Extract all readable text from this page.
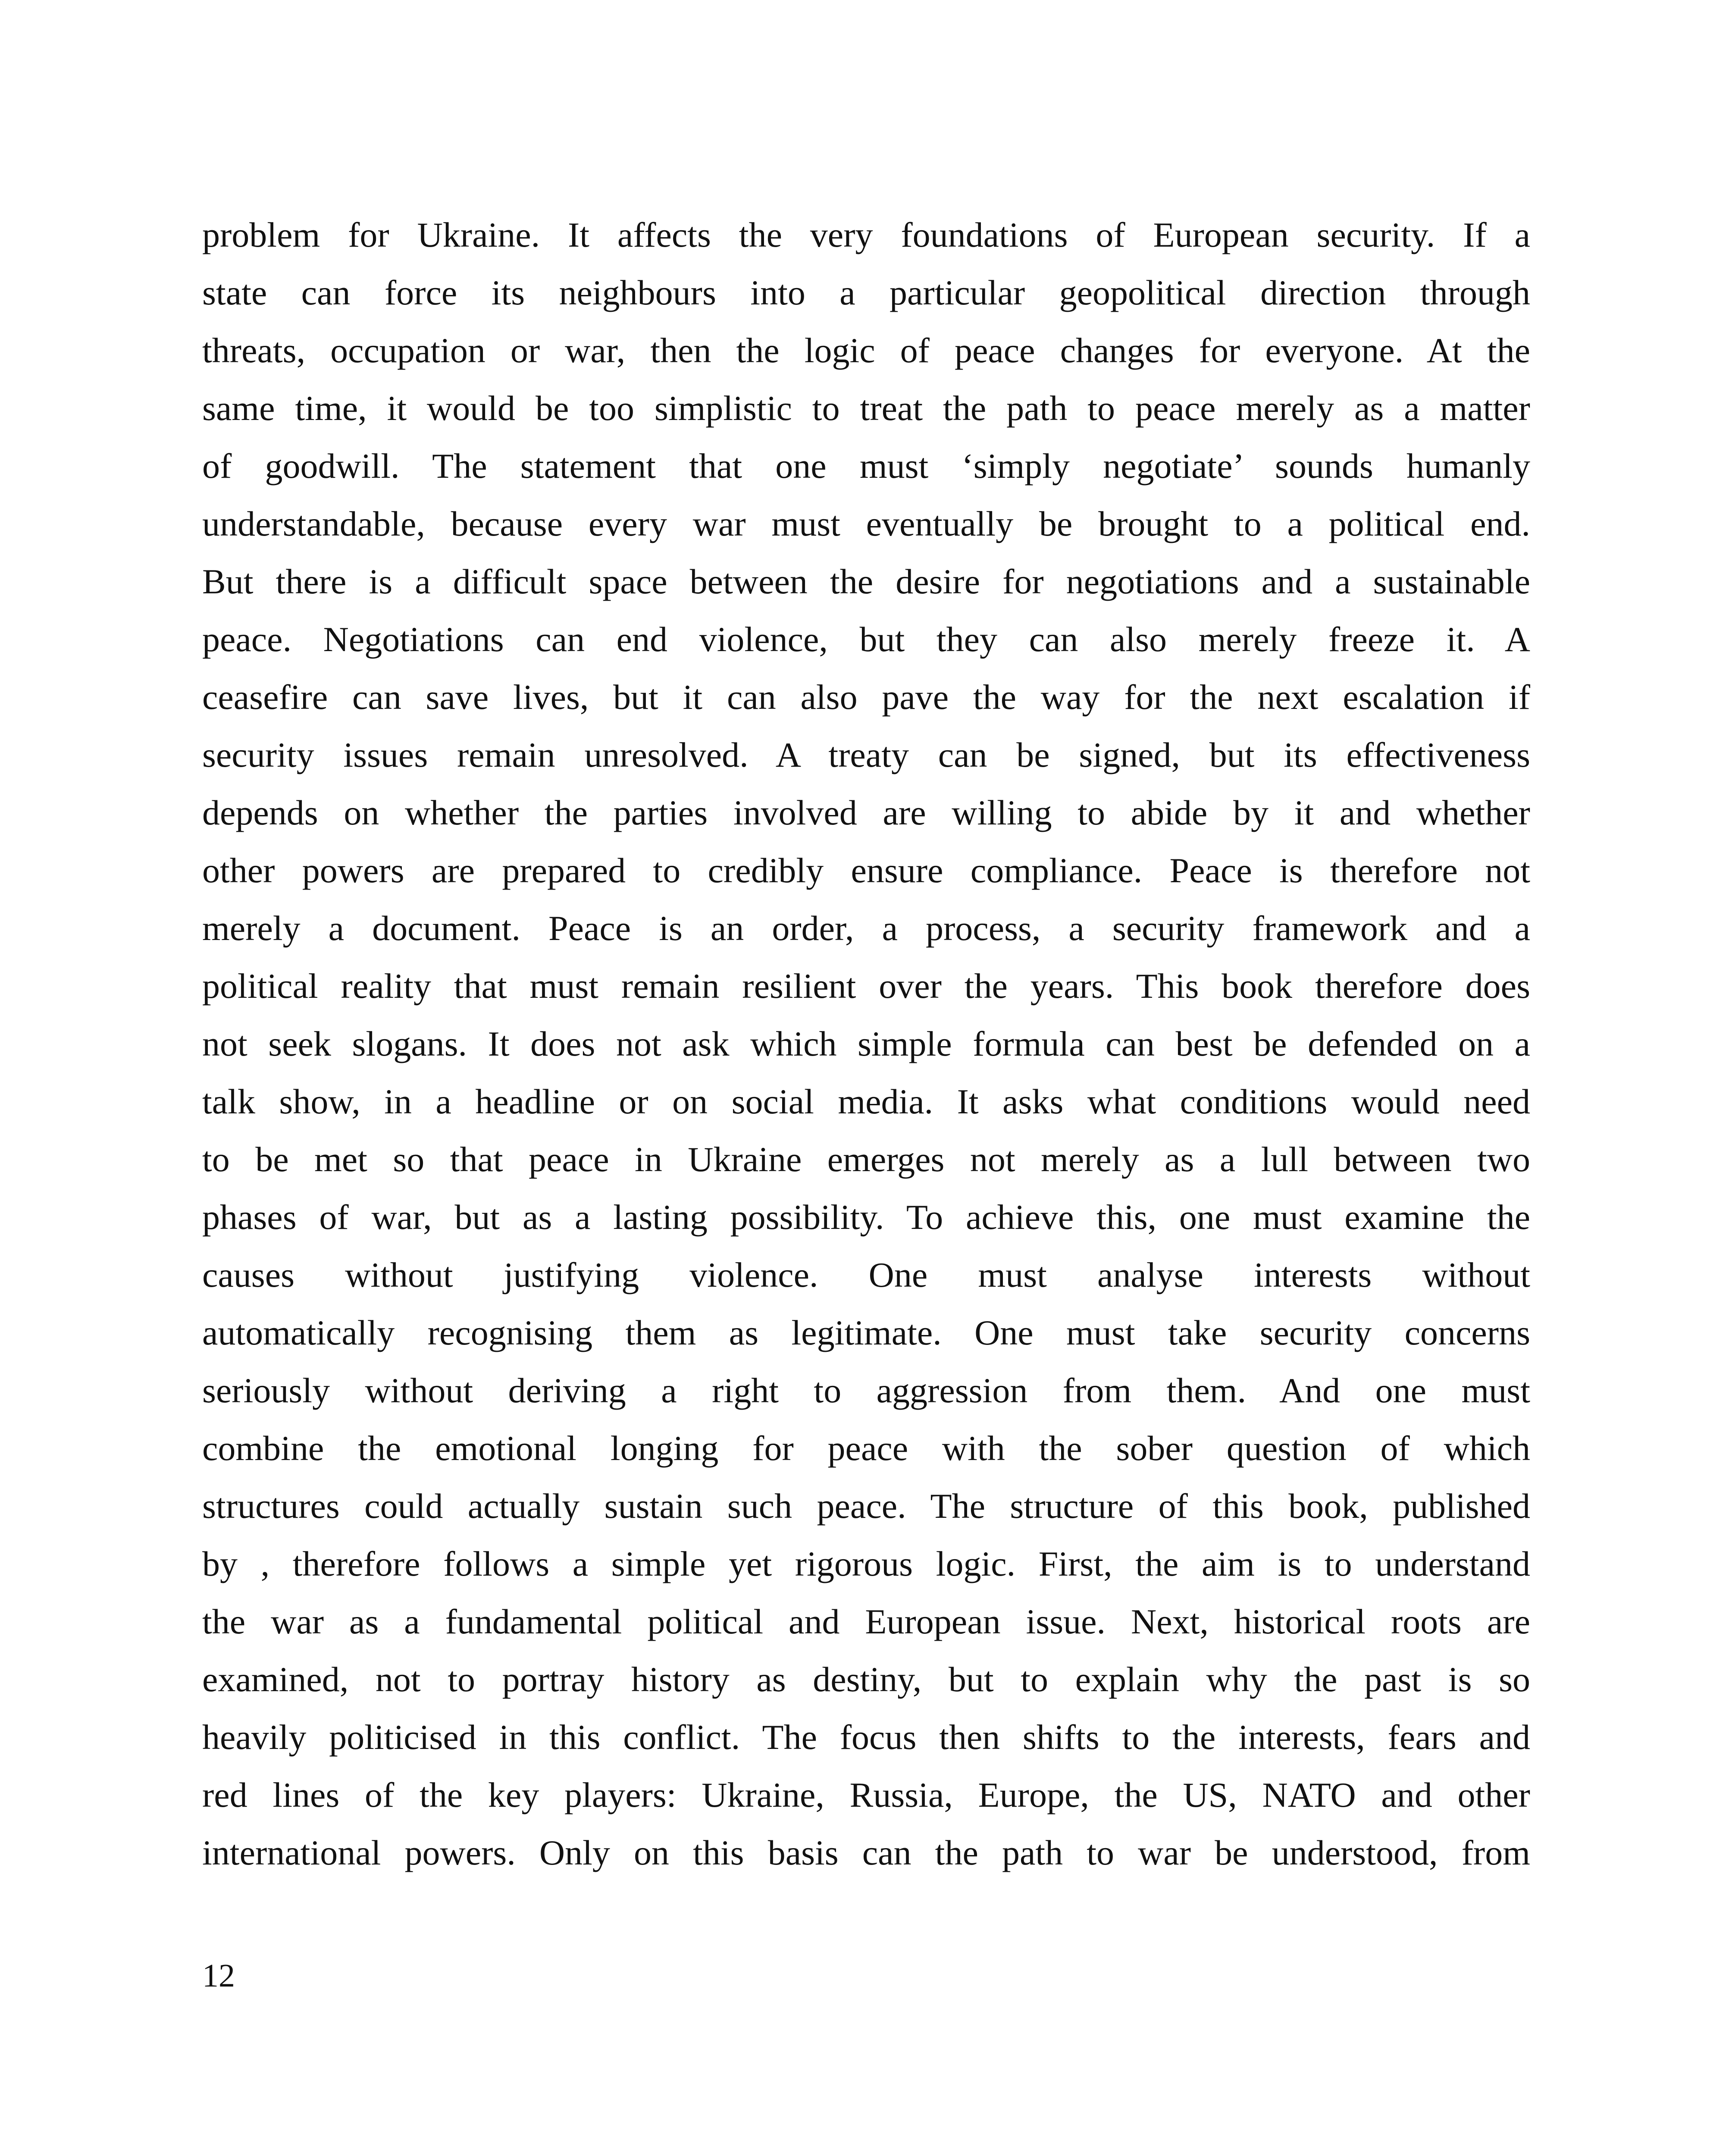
problem for Ukraine. It affects the very foundations of European security. If a
state can force its neighbours into a particular geopolitical direction through
threats, occupation or war, then the logic of peace changes for everyone. At the
same time, it would be too simplistic to treat the path to peace merely as a matter
of goodwill. The statement that one must ‘simply negotiate’ sounds humanly
understandable, because every war must eventually be brought to a political end.
But there is a difficult space between the desire for negotiations and a sustainable
peace. Negotiations can end violence, but they can also merely freeze it. A
ceasefire can save lives, but it can also pave the way for the next escalation if
security issues remain unresolved. A treaty can be signed, but its effectiveness
depends on whether the parties involved are willing to abide by it and whether
other powers are prepared to credibly ensure compliance. Peace is therefore not
merely a document. Peace is an order, a process, a security framework and a
political reality that must remain resilient over the years. This book therefore does
not seek slogans. It does not ask which simple formula can best be defended on a
talk show, in a headline or on social media. It asks what conditions would need
to be met so that peace in Ukraine emerges not merely as a lull between two
phases of war, but as a lasting possibility. To achieve this, one must examine the
causes without justifying violence. One must analyse interests without
automatically recognising them as legitimate. One must take security concerns
seriously without deriving a right to aggression from them. And one must
combine the emotional longing for peace with the sober question of which
structures could actually sustain such peace. The structure of this book, published
by , therefore follows a simple yet rigorous logic. First, the aim is to understand
the war as a fundamental political and European issue. Next, historical roots are
examined, not to portray history as destiny, but to explain why the past is so
heavily politicised in this conflict. The focus then shifts to the interests, fears and
red lines of the key players: Ukraine, Russia, Europe, the US, NATO and other
international powers. Only on this basis can the path to war be understood, from
12
